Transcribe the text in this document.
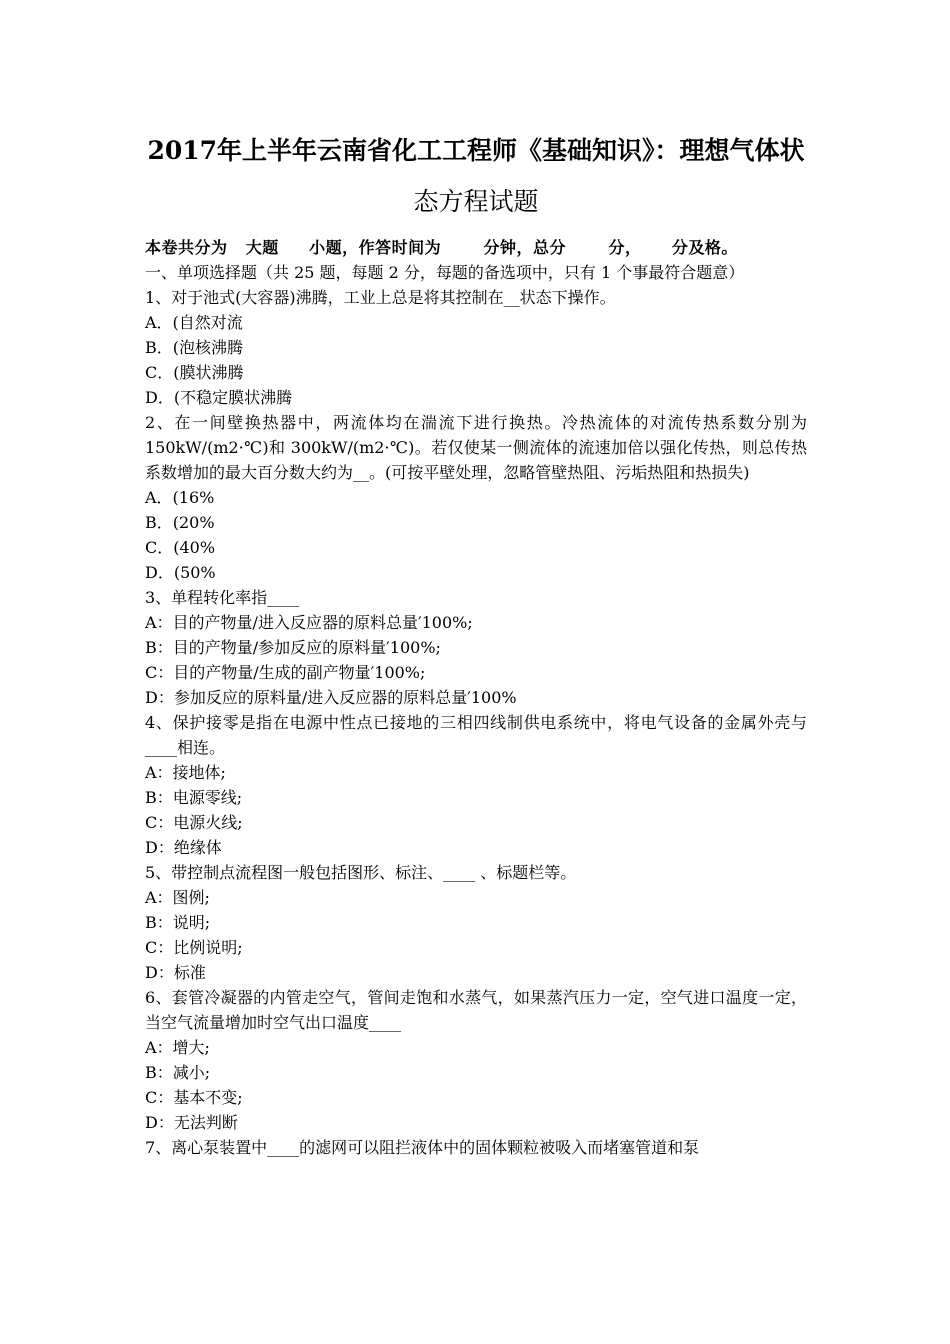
2017年上半年云南省化工工程师《基础知识》：理想气体状
态方程试题

本卷共分为   大题     小题，作答时间为       分钟，总分       分，     分及格。

一、单项选择题（共 25 题，每题 2 分，每题的备选项中，只有 1 个事最符合题意）

1、对于池式(大容器)沸腾，工业上总是将其控制在__状态下操作。

A．(自然对流

B．(泡核沸腾

C．(膜状沸腾

D．(不稳定膜状沸腾

2、在一间壁换热器中，两流体均在湍流下进行换热。冷热流体的对流传热系数分别为 150kW/(m2·℃)和 300kW/(m2·℃)。若仅使某一侧流体的流速加倍以强化传热，则总传热系数增加的最大百分数大约为__。(可按平壁处理，忽略管壁热阻、污垢热阻和热损失)

A．(16%

B．(20%

C．(40%

D．(50%

3、单程转化率指____

A：目的产物量/进入反应器的原料总量′100%;

B：目的产物量/参加反应的原料量′100%;

C：目的产物量/生成的副产物量′100%;

D：参加反应的原料量/进入反应器的原料总量′100%

4、保护接零是指在电源中性点已接地的三相四线制供电系统中，将电气设备的金属外壳与____相连。

A：接地体;

B：电源零线;

C：电源火线;

D：绝缘体

5、带控制点流程图一般包括图形、标注、____ 、标题栏等。

A：图例;

B：说明;

C：比例说明;

D：标准

6、套管冷凝器的内管走空气，管间走饱和水蒸气，如果蒸汽压力一定，空气进口温度一定，当空气流量增加时空气出口温度____

A：增大;

B：减小;

C：基本不变;

D：无法判断

7、离心泵装置中____的滤网可以阻拦液体中的固体颗粒被吸入而堵塞管道和泵
